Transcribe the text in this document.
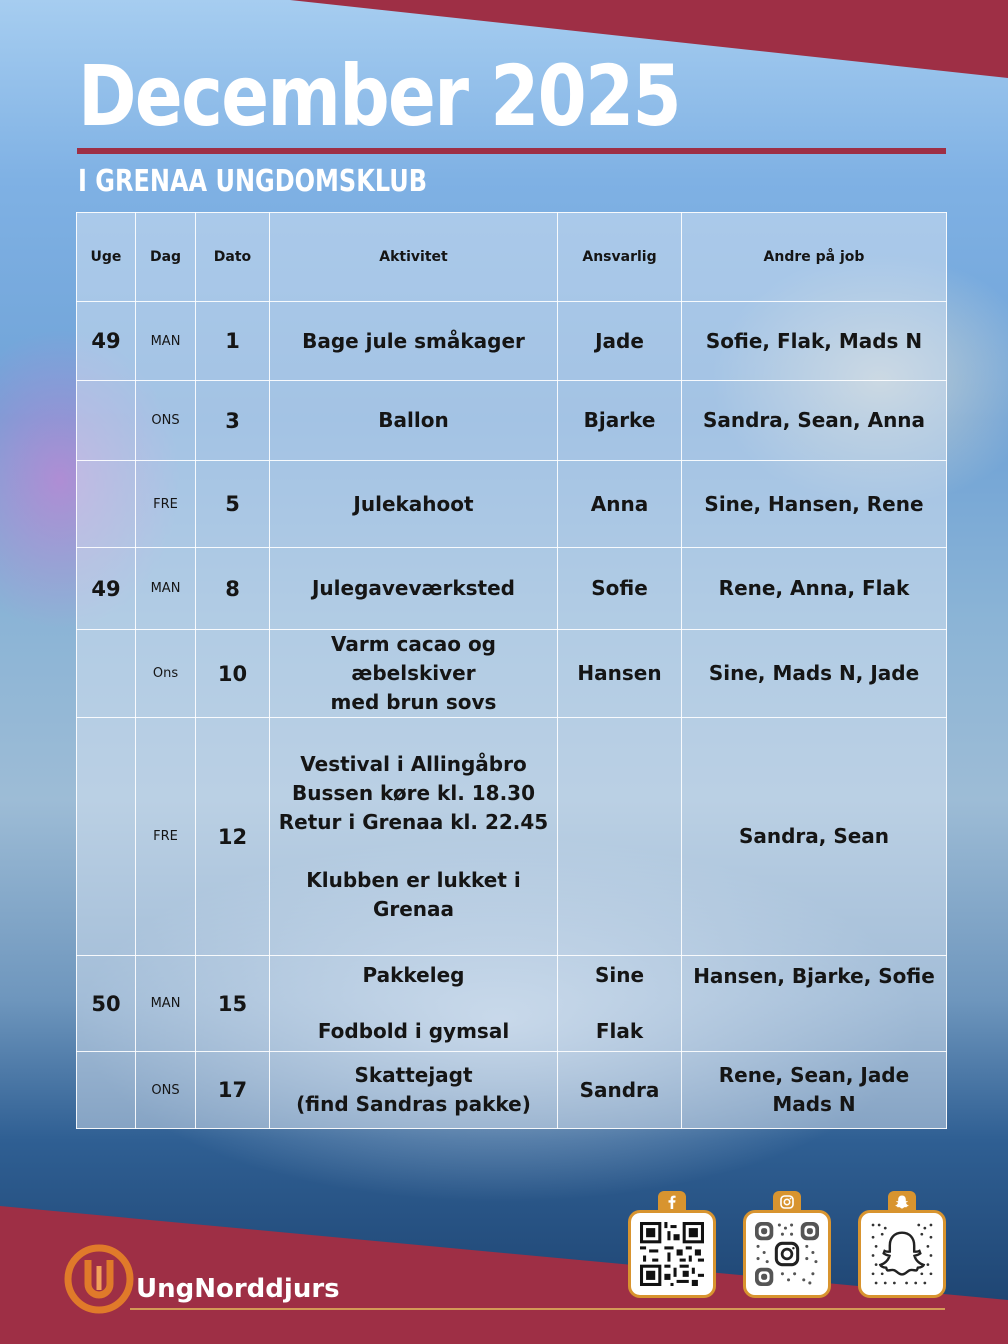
December 2025
I GRENAA UNGDOMSKLUB
Uge	Dag	Dato	Aktivitet	Ansvarlig	Andre på job
49	MAN	1	Bage jule småkager	Jade	Sofie, Flak, Mads N
	ONS	3	Ballon	Bjarke	Sandra, Sean, Anna
	FRE	5	Julekahoot	Anna	Sine, Hansen, Rene
49	MAN	8	Julegaveværksted	Sofie	Rene, Anna, Flak
	Ons	10	Varm cacao og æbelskiver
med brun sovs	Hansen	Sine, Mads N, Jade
	FRE	12	Vestival i Allingåbro
Bussen køre kl. 18.30
Retur i Grenaa kl. 22.45

Klubben er lukket i Grenaa		Sandra, Sean
50	MAN	15	Pakkeleg
Fodbold i gymsal	Sine
Flak	Hansen, Bjarke, Sofie
	ONS	17	Skattejagt
(find Sandras pakke)	Sandra	Rene, Sean, Jade
Mads N
UngNorddjurs
